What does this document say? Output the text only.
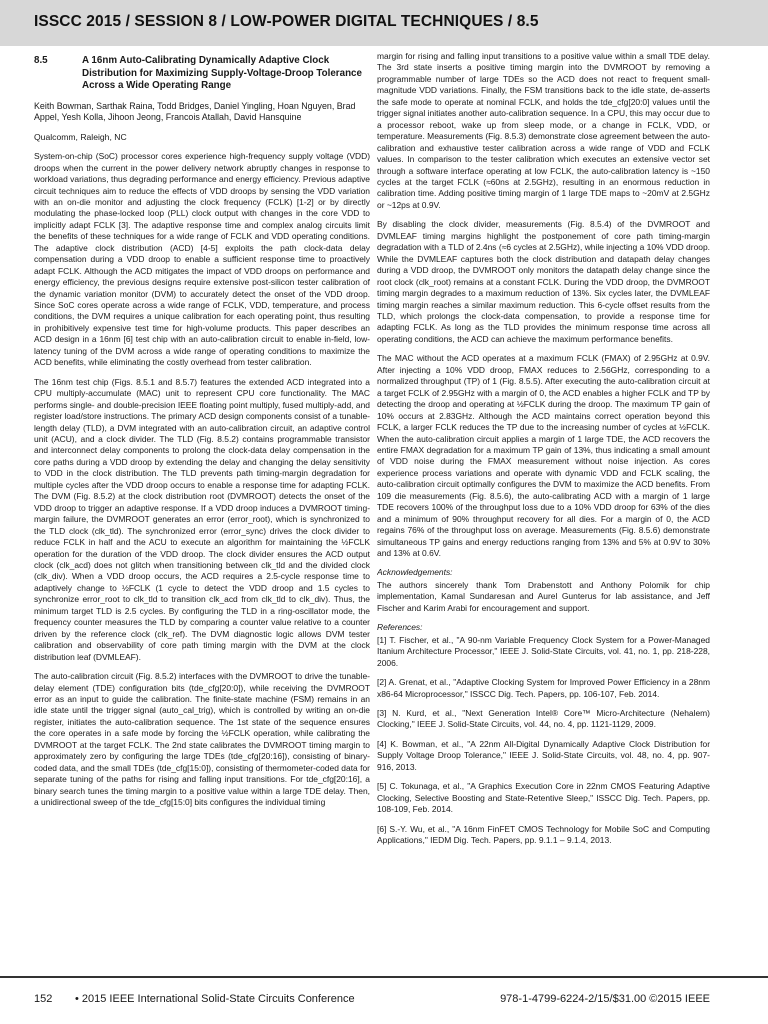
ISSCC 2015 / SESSION 8 / LOW-POWER DIGITAL TECHNIQUES / 8.5
8.5	A 16nm Auto-Calibrating Dynamically Adaptive Clock Distribution for Maximizing Supply-Voltage-Droop Tolerance Across a Wide Operating Range
Keith Bowman, Sarthak Raina, Todd Bridges, Daniel Yingling, Hoan Nguyen, Brad Appel, Yesh Kolla, Jihoon Jeong, Francois Atallah, David Hansquine
Qualcomm, Raleigh, NC

System-on-chip (SoC) processor cores experience high-frequency supply voltage (VDD) droops when the current in the power delivery network abruptly changes in response to workload variations, thus degrading performance and energy efficiency. Previous adaptive circuit techniques aim to reduce the effects of VDD droops by sensing the VDD variation with an on-die monitor and adjusting the clock frequency (FCLK) [1-2] or by directly modulating the phase-locked loop (PLL) clock output with changes in the core VDD to implicitly adapt FCLK [3]. The adaptive response time and complex analog circuits limit the benefits of these techniques for a wide range of FCLK and VDD operating conditions. The adaptive clock distribution (ACD) [4-5] exploits the path clock-data delay compensation during a VDD droop to enable a sufficient response time to proactively adapt FCLK. Although the ACD mitigates the impact of VDD droops on performance and energy efficiency, the previous designs require extensive post-silicon tester calibration of the dynamic variation monitor (DVM) to accurately detect the onset of the VDD droop. Since SoC cores operate across a wide range of FCLK, VDD, temperature, and process conditions, the DVM requires a unique calibration for each operating point, thus resulting in prohibitively expensive test time for high-volume products. This paper describes an ACD design in a 16nm [6] test chip with an auto-calibration circuit to enable in-field, low-latency tuning of the DVM across a wide range of operating conditions to maximize the ACD benefits, while eliminating the costly overhead from tester calibration.

The 16nm test chip (Figs. 8.5.1 and 8.5.7) features the extended ACD integrated into a CPU multiply-accumulate (MAC) unit to represent CPU core functionality. The MAC performs single- and double-precision IEEE floating point multiply, fused multiply-add, and register load/store instructions. The primary ACD design components consist of a tunable-length delay (TLD), a DVM integrated with an auto-calibration circuit, an adaptive control unit (ACU), and a clock divider. The TLD (Fig. 8.5.2) contains programmable transistor and interconnect delay components to prolong the clock-data delay compensation in the core paths during a VDD droop by extending the delay and changing the delay sensitivity to VDD in the clock distribution. The TLD prevents path timing-margin degradation for multiple cycles after the VDD droop occurs to enable a response time for adapting FCLK. The DVM (Fig. 8.5.2) at the clock distribution root (DVMROOT) detects the onset of the VDD droop to trigger an adaptive response. If a VDD droop induces a DVMROOT timing-margin failure, the DVMROOT generates an error (error_root), which is synchronized to the TLD clock (clk_tld). The synchronized error (error_sync) drives the clock divider to reduce FCLK in half and the ACU to execute an algorithm for maintaining the ½FCLK operation for the duration of the VDD droop. The clock divider ensures the ACD output clock (clk_acd) does not glitch when transitioning between clk_tld and the divided clock (clk_div). When a VDD droop occurs, the ACD requires a 2.5-cycle response time to adaptively change to ½FCLK (1 cycle to detect the VDD droop and 1.5 cycles to synchronize error_root to clk_tld to transition clk_acd from clk_tld to clk_div). Thus, the minimum target TLD is 2.5 cycles. By configuring the TLD in a ring-oscillator mode, the frequency counter measures the TLD by comparing a counter value relative to a counter driven by the reference clock (clk_ref). The DVM diagnostic logic allows DVM tester calibration and observability of core path timing margin with the DVM at the clock distribution leaf (DVMLEAF).

The auto-calibration circuit (Fig. 8.5.2) interfaces with the DVMROOT to drive the tunable-delay element (TDE) configuration bits (tde_cfg[20:0]), while receiving the DVMROOT error as an input to guide the calibration. The finite-state machine (FSM) remains in an idle state until the trigger signal (auto_cal_trig), which is controlled by writing an on-die register, initiates the auto-calibration sequence. The 1st state of the sequence ensures the core operates in a safe mode by forcing the ½FCLK operation, while calibrating the DVMROOT at the target FCLK. The 2nd state calibrates the DVMROOT timing margin to approximately zero by configuring the large TDEs (tde_cfg[20:16]), consisting of binary-coded data, and the small TDEs (tde_cfg[15:0]), consisting of thermometer-coded data for separate tuning of the paths for rising and falling input transitions. For tde_cfg[20:16], a binary search tunes the timing margin to a positive value within a large TDE delay. Then, a unidirectional sweep of the tde_cfg[15:0] bits configures the individual timing

margin for rising and falling input transitions to a positive value within a small TDE delay. The 3rd state inserts a positive timing margin into the DVMROOT by removing a programmable number of large TDEs so the ACD does not react to frequent small-magnitude VDD variations. Finally, the FSM transitions back to the idle state, de-asserts the safe mode to operate at nominal FCLK, and holds the tde_cfg[20:0] values until the trigger signal initiates another auto-calibration sequence. In a CPU, this may occur due to a processor reboot, wake up from sleep mode, or a change in FCLK, VDD, or temperature. Measurements (Fig. 8.5.3) demonstrate close agreement between the auto-calibration and exhaustive tester calibration across a wide range of VDD and FCLK values. In comparison to the tester calibration which executes an extensive vector set through a software interface operating at low FCLK, the auto-calibration latency is ~150 cycles at the target FCLK (≈60ns at 2.5GHz), resulting in an enormous reduction in calibration time. Adding positive timing margin of 1 large TDE maps to ~20mV at 2.5GHz or ~12ps at 0.9V.

By disabling the clock divider, measurements (Fig. 8.5.4) of the DVMROOT and DVMLEAF timing margins highlight the postponement of core path timing-margin degradation with a TLD of 2.4ns (≈6 cycles at 2.5GHz), while injecting a 10% VDD droop. While the DVMLEAF captures both the clock distribution and datapath delay changes during a VDD droop, the DVMROOT only monitors the datapath delay change since the root clock (clk_root) remains at a constant FCLK. During the VDD droop, the DVMROOT timing margin degrades to a maximum reduction of 13%. Six cycles later, the DVMLEAF timing margin reaches a similar maximum reduction. This 6-cycle offset results from the TLD, which prolongs the clock-data compensation, to provide a response time for adapting FCLK. As long as the TLD provides the minimum response time across all operating conditions, the ACD can achieve the maximum performance benefits.

The MAC without the ACD operates at a maximum FCLK (FMAX) of 2.95GHz at 0.9V. After injecting a 10% VDD droop, FMAX reduces to 2.56GHz, corresponding to a normalized throughput (TP) of 1 (Fig. 8.5.5). After executing the auto-calibration circuit at a target FCLK of 2.95GHz with a margin of 0, the ACD enables a higher FCLK and TP by detecting the droop and operating at ½FCLK during the droop. The maximum TP gain of 10% occurs at 2.83GHz. Although the ACD maintains correct operation beyond this FCLK, a larger FCLK reduces the TP due to the increasing number of cycles at ½FCLK. When the auto-calibration circuit applies a margin of 1 large TDE, the ACD recovers the entire FMAX degradation for a maximum TP gain of 13%, thus indicating a small amount of VDD noise during the FMAX measurement without noise injection. As cores experience process variations and operate with dynamic VDD and FCLK scaling, the auto-calibration circuit optimally configures the DVM to maximize the ACD benefits. From 109 die measurements (Fig. 8.5.6), the auto-calibrating ACD with a margin of 1 large TDE recovers 100% of the throughput loss due to a 10% VDD droop for 63% of the dies and a minimum of 90% throughput recovery for all dies. For a margin of 0, the ACD regains 76% of the throughput loss on average. Measurements (Fig. 8.5.6) demonstrate simultaneous TP gains and energy reductions ranging from 13% and 5% at 0.9V to 30% and 13% at 0.6V.

Acknowledgements:

The authors sincerely thank Tom Drabenstott and Anthony Polomik for chip implementation, Kamal Sundaresan and Aurel Gunterus for lab assistance, and Jeff Fischer and Karim Arabi for encouragement and support.

References:

[1] T. Fischer, et al., "A 90-nm Variable Frequency Clock System for a Power-Managed Itanium Architecture Processor," IEEE J. Solid-State Circuits, vol. 41, no. 1, pp. 218-228, 2006.

[2] A. Grenat, et al., "Adaptive Clocking System for Improved Power Efficiency in a 28nm x86-64 Microprocessor," ISSCC Dig. Tech. Papers, pp. 106-107, Feb. 2014.

[3] N. Kurd, et al., "Next Generation Intel® Core™ Micro-Architecture (Nehalem) Clocking," IEEE J. Solid-State Circuits, vol. 44, no. 4, pp. 1121-1129, 2009.

[4] K. Bowman, et al., "A 22nm All-Digital Dynamically Adaptive Clock Distribution for Supply Voltage Droop Tolerance," IEEE J. Solid-State Circuits, vol. 48, no. 4, pp. 907-916, 2013.

[5] C. Tokunaga, et al., "A Graphics Execution Core in 22nm CMOS Featuring Adaptive Clocking, Selective Boosting and State-Retentive Sleep," ISSCC Dig. Tech. Papers, pp. 108-109, Feb. 2014.

[6] S.-Y. Wu, et al., "A 16nm FinFET CMOS Technology for Mobile SoC and Computing Applications," IEDM Dig. Tech. Papers, pp. 9.1.1 – 9.1.4, 2013.

152 • 2015 IEEE International Solid-State Circuits Conference	978-1-4799-6224-2/15/$31.00 ©2015 IEEE
